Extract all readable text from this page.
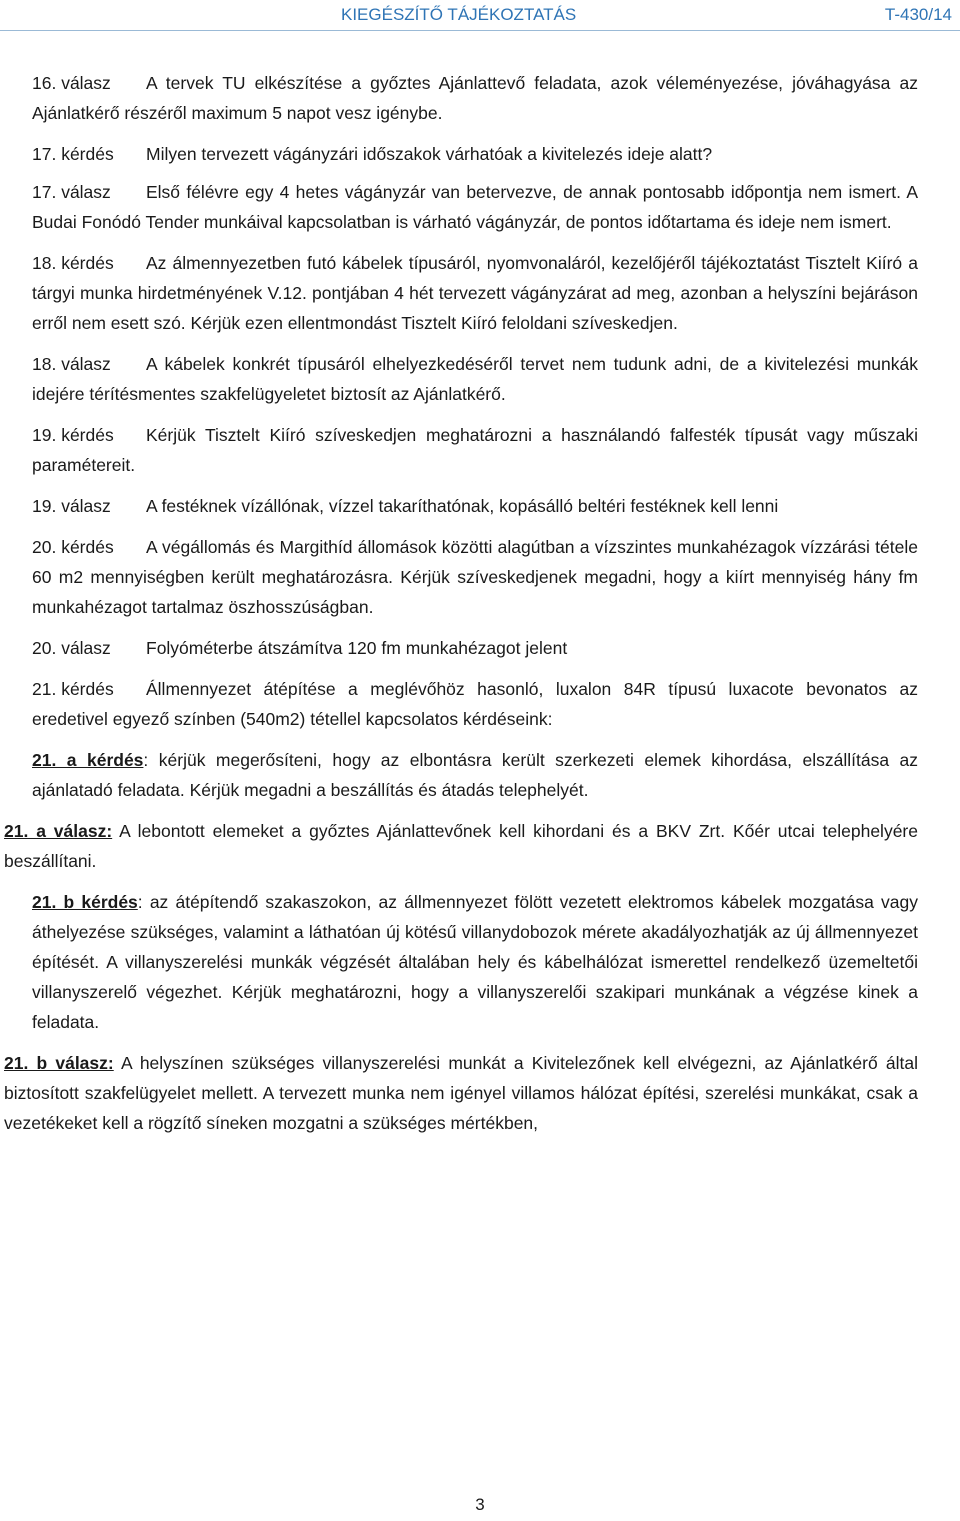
KIEGÉSZÍTŐ TÁJÉKOZTATÁS	T-430/14
16. válasz A tervek TU elkészítése a győztes Ajánlattevő feladata, azok véleményezése, jóváhagyása az Ajánlatkérő részéről maximum 5 napot vesz igénybe.
17. kérdés Milyen tervezett vágányzári időszakok várhatóak a kivitelezés ideje alatt?
17. válasz Első félévre egy 4 hetes vágányzár van betervezve, de annak pontosabb időpontja nem ismert. A Budai Fonódó Tender munkáival kapcsolatban is várható vágányzár, de pontos időtartama és ideje nem ismert.
18. kérdés Az álmennyezetben futó kábelek típusáról, nyomvonaláról, kezelőjéről tájékoztatást Tisztelt Kiíró a tárgyi munka hirdetményének V.12. pontjában 4 hét tervezett vágányzárat ad meg, azonban a helyszíni bejáráson erről nem esett szó. Kérjük ezen ellentmondást Tisztelt Kiíró feloldani szíveskedjen.
18. válasz A kábelek konkrét típusáról elhelyezkedéséről tervet nem tudunk adni, de a kivitelezési munkák idejére térítésmentes szakfelügyeletet biztosít az Ajánlatkérő.
19. kérdés Kérjük Tisztelt Kiíró szíveskedjen meghatározni a használandó falfesték típusát vagy műszaki paramétereit.
19. válasz A festéknek vízállónak, vízzel takaríthatónak, kopásálló beltéri festéknek kell lenni
20. kérdés A végállomás és Margithíd állomások közötti alagútban a vízszintes munkahézagok vízzárási tétele 60 m2 mennyiségben került meghatározásra. Kérjük szíveskedjenek megadni, hogy a kiírt mennyiség hány fm munkahézagot tartalmaz öszhosszúságban.
20. válasz Folyóméterbe átszámítva 120 fm munkahézagot jelent
21. kérdés Állmennyezet átépítése a meglévőhöz hasonló, luxalon 84R típusú luxacote bevonatos az eredetivel egyező színben (540m2) tétellel kapcsolatos kérdéseink:
21. a kérdés: kérjük megerősíteni, hogy az elbontásra került szerkezeti elemek kihordása, elszállítása az ajánlatadó feladata. Kérjük megadni a beszállítás és átadás telephelyét.
21. a válasz: A lebontott elemeket a győztes Ajánlattevőnek kell kihordani és a BKV Zrt. Kőér utcai telephelyére beszállítani.
21. b kérdés: az átépítendő szakaszokon, az állmennyezet fölött vezetett elektromos kábelek mozgatása vagy áthelyezése szükséges, valamint a láthatóan új kötésű villanydobozok mérete akadályozhatják az új állmennyezet építését. A villanyszerelési munkák végzését általában hely és kábelhálózat ismerettel rendelkező üzemeltetői villanyszerelő végezhet. Kérjük meghatározni, hogy a villanyszerelői szakipari munkának a végzése kinek a feladata.
21. b válasz: A helyszínen szükséges villanyszerelési munkát a Kivitelezőnek kell elvégezni, az Ajánlatkérő által biztosított szakfelügyelet mellett. A tervezett munka nem igényel villamos hálózat építési, szerelési munkákat, csak a vezetékeket kell a rögzítő síneken mozgatni a szükséges mértékben,
3
